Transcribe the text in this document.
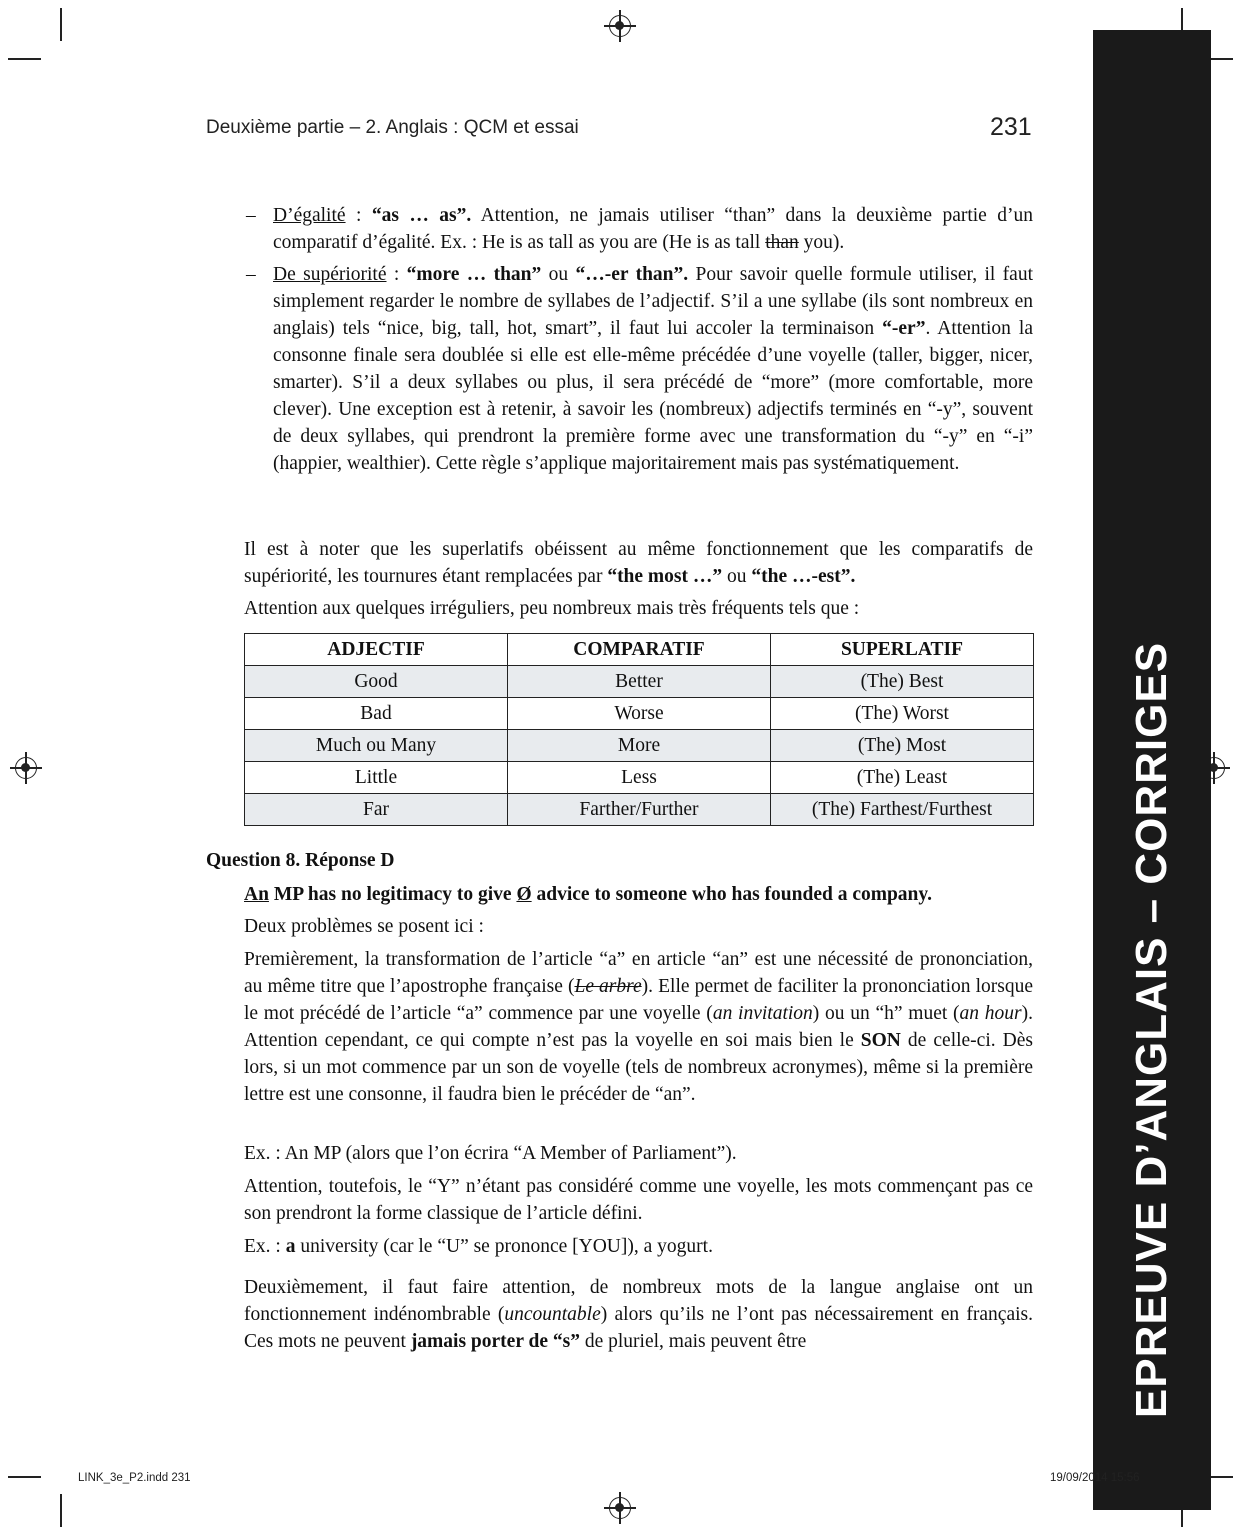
EPREUVE D’ANGLAIS – CORRIGES
Deuxième partie – 2. Anglais : QCM et essai	231
– D’égalité : “as … as”. Attention, ne jamais utiliser “than” dans la deuxième partie d’un comparatif d’égalité. Ex. : He is as tall as you are (He is as tall than you).
– De supériorité : “more … than” ou “…-er than”. Pour savoir quelle formule utiliser, il faut simplement regarder le nombre de syllabes de l’adjectif. S’il a une syllabe (ils sont nombreux en anglais) tels “nice, big, tall, hot, smart”, il faut lui accoler la terminaison “-er”. Attention la consonne finale sera doublée si elle est elle-même précédée d’une voyelle (taller, bigger, nicer, smarter). S’il a deux syllabes ou plus, il sera précédé de “more” (more comfortable, more clever). Une exception est à retenir, à savoir les (nombreux) adjectifs terminés en “-y”, souvent de deux syllabes, qui prendront la première forme avec une transformation du “-y” en “-i” (happier, wealthier). Cette règle s’applique majoritairement mais pas systématiquement.
Il est à noter que les superlatifs obéissent au même fonctionnement que les comparatifs de supériorité, les tournures étant remplacées par “the most …” ou “the …-est”.
Attention aux quelques irréguliers, peu nombreux mais très fréquents tels que :
ADJECTIF	COMPARATIF	SUPERLATIF
Good	Better	(The) Best
Bad	Worse	(The) Worst
Much ou Many	More	(The) Most
Little	Less	(The) Least
Far	Farther/Further	(The) Farthest/Furthest
Question 8. Réponse D
An MP has no legitimacy to give Ø advice to someone who has founded a company.
Deux problèmes se posent ici :
Premièrement, la transformation de l’article “a” en article “an” est une nécessité de prononciation, au même titre que l’apostrophe française (Le arbre). Elle permet de faciliter la prononciation lorsque le mot précédé de l’article “a” commence par une voyelle (an invitation) ou un “h” muet (an hour). Attention cependant, ce qui compte n’est pas la voyelle en soi mais bien le SON de celle-ci. Dès lors, si un mot commence par un son de voyelle (tels de nombreux acronymes), même si la première lettre est une consonne, il faudra bien le précéder de “an”.
Ex. : An MP (alors que l’on écrira “A Member of Parliament”).
Attention, toutefois, le “Y” n’étant pas considéré comme une voyelle, les mots commençant pas ce son prendront la forme classique de l’article défini.
Ex. : a university (car le “U” se prononce [YOU]), a yogurt.
Deuxièmement, il faut faire attention, de nombreux mots de la langue anglaise ont un fonctionnement indénombrable (uncountable) alors qu’ils ne l’ont pas nécessairement en français. Ces mots ne peuvent jamais porter de “s” de pluriel, mais peuvent être
LINK_3e_P2.indd 231	19/09/2014 15:56
